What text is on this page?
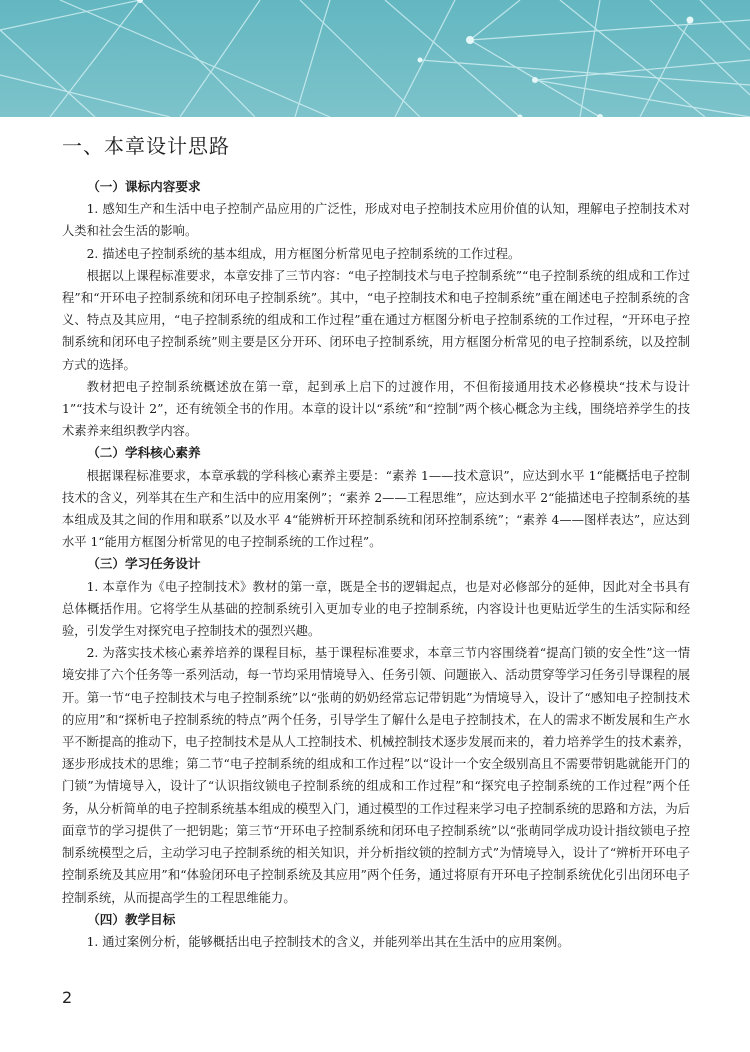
一、本章设计思路
（一）课标内容要求

1. 感知生产和生活中电子控制产品应用的广泛性，形成对电子控制技术应用价值的认知，理解电子控制技术对人类和社会生活的影响。

2. 描述电子控制系统的基本组成，用方框图分析常见电子控制系统的工作过程。

根据以上课程标准要求，本章安排了三节内容：“电子控制技术与电子控制系统”“电子控制系统的组成和工作过程”和“开环电子控制系统和闭环电子控制系统”。其中，“电子控制技术和电子控制系统”重在阐述电子控制系统的含义、特点及其应用，“电子控制系统的组成和工作过程”重在通过方框图分析电子控制系统的工作过程，“开环电子控制系统和闭环电子控制系统”则主要是区分开环、闭环电子控制系统，用方框图分析常见的电子控制系统，以及控制方式的选择。

教材把电子控制系统概述放在第一章，起到承上启下的过渡作用，不但衔接通用技术必修模块“技术与设计 1”“技术与设计 2”，还有统领全书的作用。本章的设计以“系统”和“控制”两个核心概念为主线，围绕培养学生的技术素养来组织教学内容。

（二）学科核心素养

根据课程标准要求，本章承载的学科核心素养主要是：“素养 1——技术意识”，应达到水平 1“能概括电子控制技术的含义，列举其在生产和生活中的应用案例”；“素养 2——工程思维”，应达到水平 2“能描述电子控制系统的基本组成及其之间的作用和联系”以及水平 4“能辨析开环控制系统和闭环控制系统”；“素养 4——图样表达”，应达到水平 1“能用方框图分析常见的电子控制系统的工作过程”。

（三）学习任务设计

1. 本章作为《电子控制技术》教材的第一章，既是全书的逻辑起点，也是对必修部分的延伸，因此对全书具有总体概括作用。它将学生从基础的控制系统引入更加专业的电子控制系统，内容设计也更贴近学生的生活实际和经验，引发学生对探究电子控制技术的强烈兴趣。

2. 为落实技术核心素养培养的课程目标，基于课程标准要求，本章三节内容围绕着“提高门锁的安全性”这一情境安排了六个任务等一系列活动，每一节均采用情境导入、任务引领、问题嵌入、活动贯穿等学习任务引导课程的展开。第一节“电子控制技术与电子控制系统”以“张萌的奶奶经常忘记带钥匙”为情境导入，设计了“感知电子控制技术的应用”和“探析电子控制系统的特点”两个任务，引导学生了解什么是电子控制技术，在人的需求不断发展和生产水平不断提高的推动下，电子控制技术是从人工控制技术、机械控制技术逐步发展而来的，着力培养学生的技术素养，逐步形成技术的思维；第二节“电子控制系统的组成和工作过程”以“设计一个安全级别高且不需要带钥匙就能开门的门锁”为情境导入，设计了“认识指纹锁电子控制系统的组成和工作过程”和“探究电子控制系统的工作过程”两个任务，从分析简单的电子控制系统基本组成的模型入门，通过模型的工作过程来学习电子控制系统的思路和方法，为后面章节的学习提供了一把钥匙；第三节“开环电子控制系统和闭环电子控制系统”以“张萌同学成功设计指纹锁电子控制系统模型之后，主动学习电子控制系统的相关知识，并分析指纹锁的控制方式”为情境导入，设计了“辨析开环电子控制系统及其应用”和“体验闭环电子控制系统及其应用”两个任务，通过将原有开环电子控制系统优化引出闭环电子控制系统，从而提高学生的工程思维能力。

（四）教学目标

1. 通过案例分析，能够概括出电子控制技术的含义，并能列举出其在生活中的应用案例。

2
